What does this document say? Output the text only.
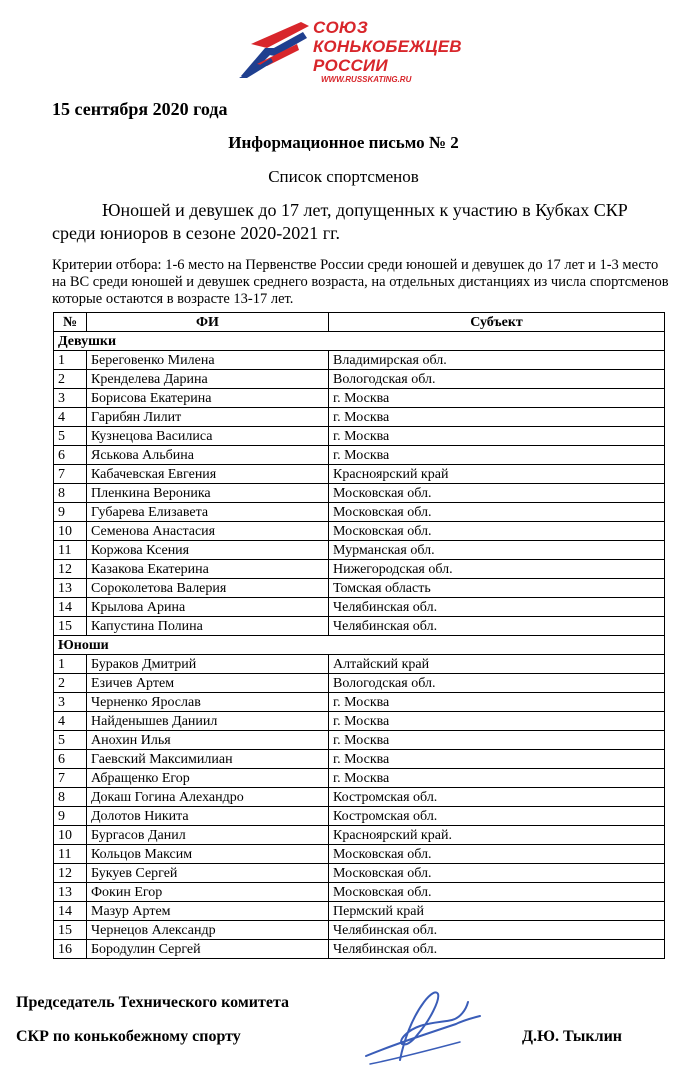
СОЮЗ
КОНЬКОБЕЖЦЕВ
РОССИИ
WWW.RUSSKATING.RU
15 сентября 2020 года
Информационное письмо № 2
Список спортсменов
Юношей и девушек до 17 лет, допущенных к участию в Кубках СКР среди юниоров в сезоне 2020-2021 гг.
Критерии отбора: 1-6 место на Первенстве России среди юношей и девушек до 17 лет и 1-3 место на ВС среди юношей и девушек среднего возраста, на отдельных дистанциях из числа спортсменов которые остаются в возрасте 13-17 лет.
№	ФИ	Субъект
Девушки		
1	Береговенко Милена	Владимирская обл.
2	Кренделева Дарина	Вологодская обл.
3	Борисова Екатерина	г. Москва
4	Гарибян Лилит	г. Москва
5	Кузнецова Василиса	г. Москва
6	Яськова Альбина	г. Москва
7	Кабачевская Евгения	Красноярский край
8	Пленкина Вероника	Московская обл.
9	Губарева Елизавета	Московская обл.
10	Семенова Анастасия	Московская обл.
11	Коржова Ксения	Мурманская обл.
12	Казакова Екатерина	Нижегородская обл.
13	Сороколетова Валерия	Томская область
14	Крылова Арина	Челябинская обл.
15	Капустина Полина	Челябинская обл.
Юноши		
1	Бураков Дмитрий	Алтайский край
2	Езичев Артем	Вологодская обл.
3	Черненко Ярослав	г. Москва
4	Найденышев Даниил	г. Москва
5	Анохин Илья	г. Москва
6	Гаевский Максимилиан	г. Москва
7	Абращенко Егор	г. Москва
8	Докаш Гогина Алехандро	Костромская обл.
9	Долотов Никита	Костромская обл.
10	Бургасов Данил	Красноярский край.
11	Кольцов Максим	Московская обл.
12	Букуев Сергей	Московская обл.
13	Фокин Егор	Московская обл.
14	Мазур Артем	Пермский край
15	Чернецов Александр	Челябинская обл.
16	Бородулин Сергей	Челябинская обл.
Председатель Технического комитета
СКР по конькобежному спорту	Д.Ю. Тыклин
